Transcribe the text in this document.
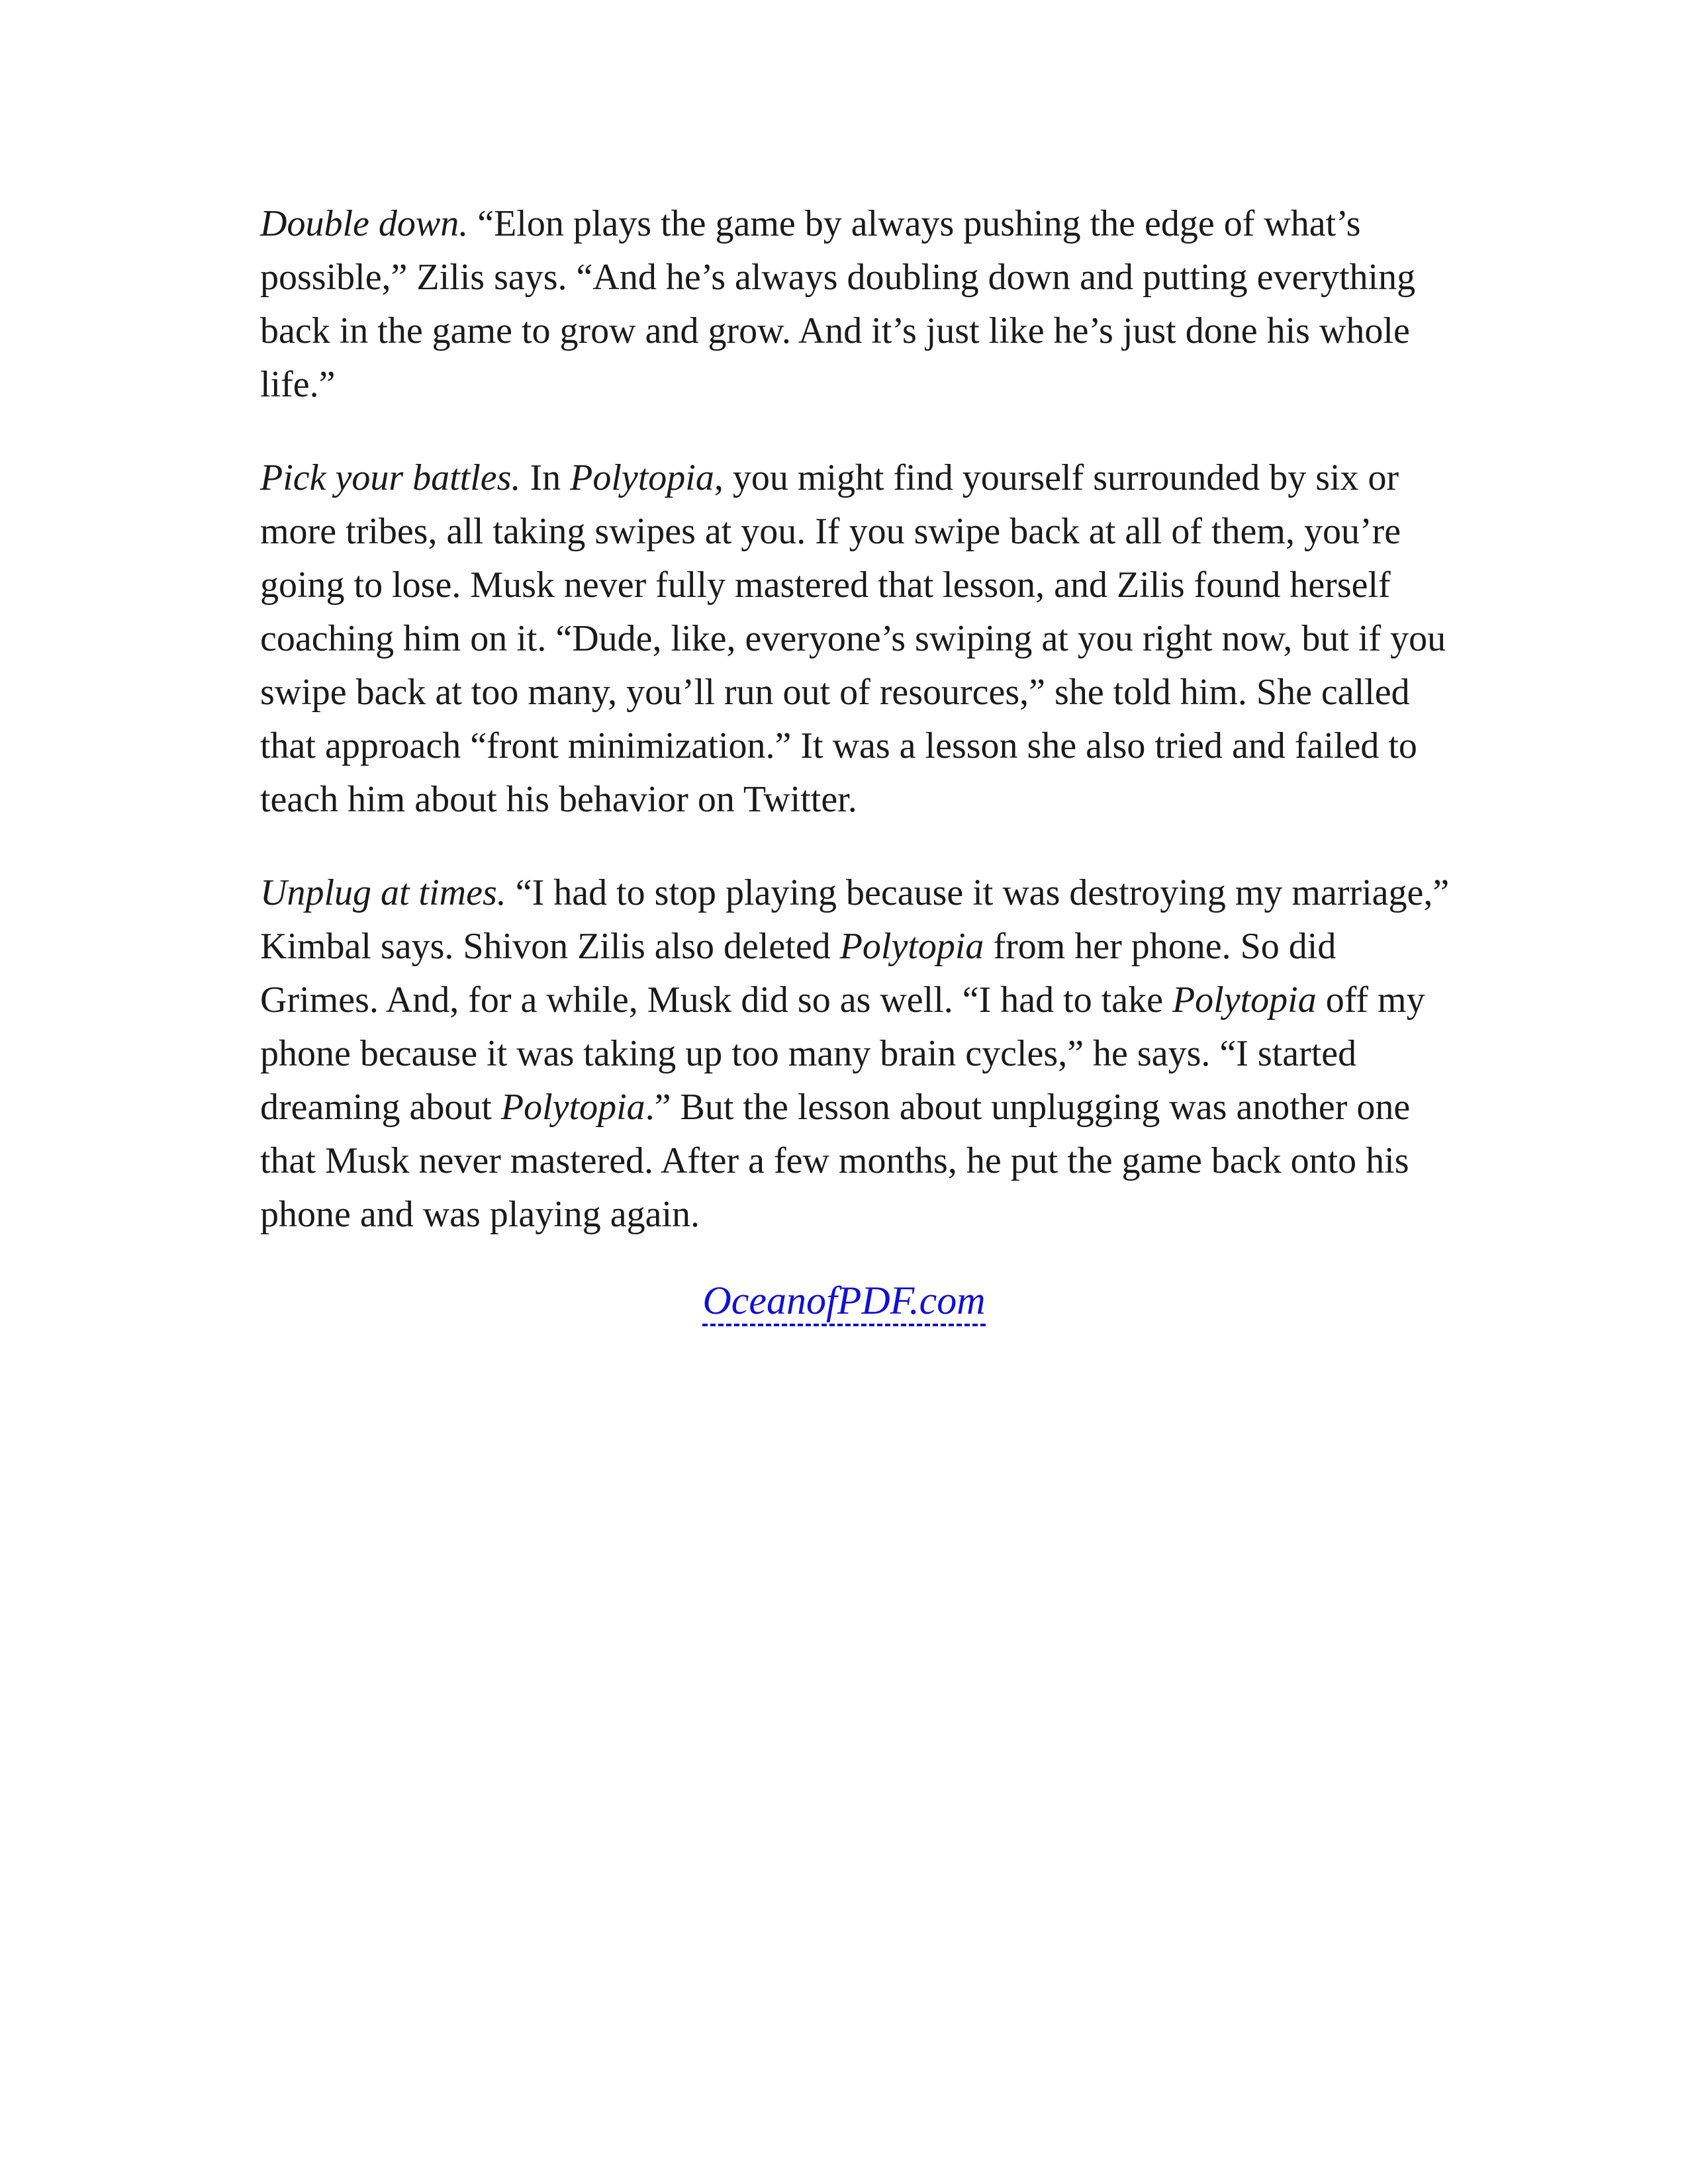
Double down. “Elon plays the game by always pushing the edge of what’s possible,” Zilis says. “And he’s always doubling down and putting everything back in the game to grow and grow. And it’s just like he’s just done his whole life.”

Pick your battles. In Polytopia, you might find yourself surrounded by six or more tribes, all taking swipes at you. If you swipe back at all of them, you’re going to lose. Musk never fully mastered that lesson, and Zilis found herself coaching him on it. “Dude, like, everyone’s swiping at you right now, but if you swipe back at too many, you’ll run out of resources,” she told him. She called that approach “front minimization.” It was a lesson she also tried and failed to teach him about his behavior on Twitter.

Unplug at times. “I had to stop playing because it was destroying my marriage,” Kimbal says. Shivon Zilis also deleted Polytopia from her phone. So did Grimes. And, for a while, Musk did so as well. “I had to take Polytopia off my phone because it was taking up too many brain cycles,” he says. “I started dreaming about Polytopia.” But the lesson about unplugging was another one that Musk never mastered. After a few months, he put the game back onto his phone and was playing again.

OceanofPDF.com
